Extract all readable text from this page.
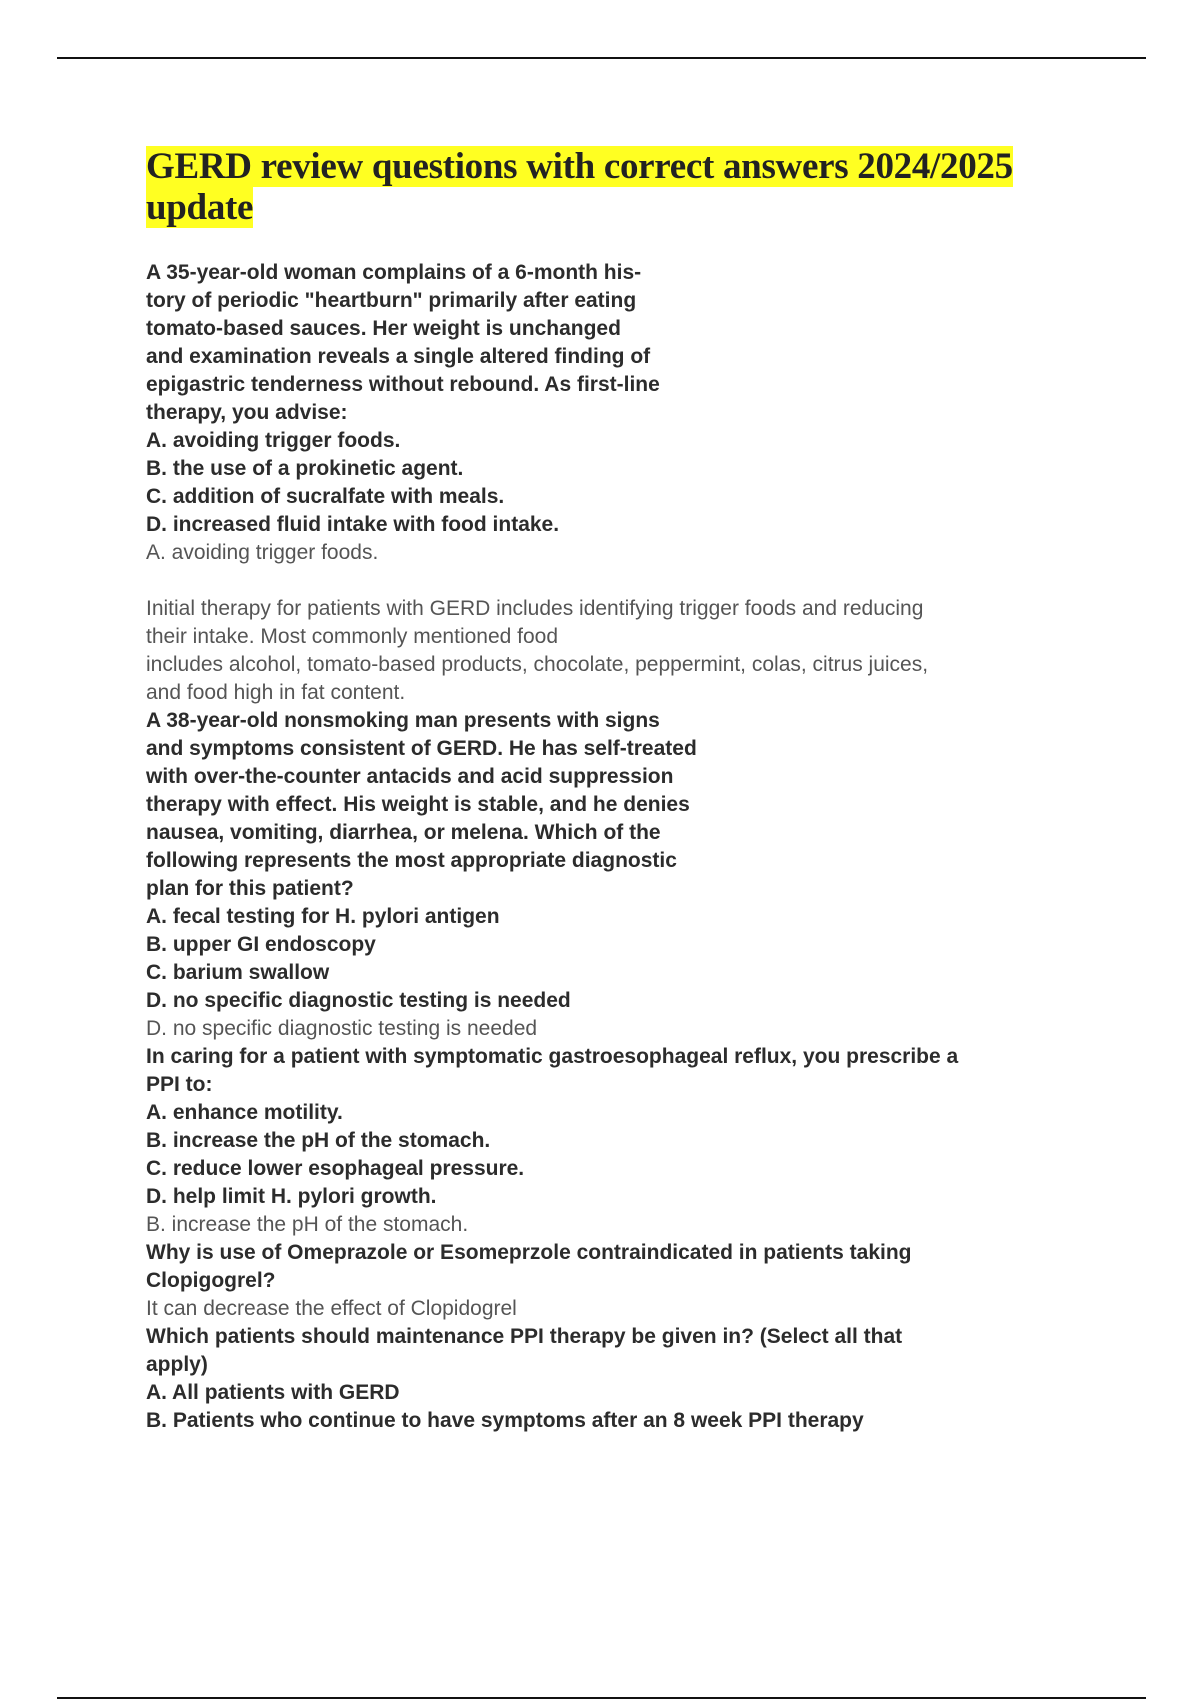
GERD review questions with correct answers 2024/2025
update
A 35-year-old woman complains of a 6-month his-
tory of periodic "heartburn" primarily after eating
tomato-based sauces. Her weight is unchanged
and examination reveals a single altered finding of
epigastric tenderness without rebound. As first-line
therapy, you advise:
A. avoiding trigger foods.
B. the use of a prokinetic agent.
C. addition of sucralfate with meals.
D. increased fluid intake with food intake.
A. avoiding trigger foods.
Initial therapy for patients with GERD includes identifying trigger foods and reducing
their intake. Most commonly mentioned food
includes alcohol, tomato-based products, chocolate, peppermint, colas, citrus juices,
and food high in fat content.
A 38-year-old nonsmoking man presents with signs
and symptoms consistent of GERD. He has self-treated
with over-the-counter antacids and acid suppression
therapy with effect. His weight is stable, and he denies
nausea, vomiting, diarrhea, or melena. Which of the
following represents the most appropriate diagnostic
plan for this patient?
A. fecal testing for H. pylori antigen
B. upper GI endoscopy
C. barium swallow
D. no specific diagnostic testing is needed
D. no specific diagnostic testing is needed
In caring for a patient with symptomatic gastroesophageal reflux, you prescribe a
PPI to:
A. enhance motility.
B. increase the pH of the stomach.
C. reduce lower esophageal pressure.
D. help limit H. pylori growth.
B. increase the pH of the stomach.
Why is use of Omeprazole or Esomeprzole contraindicated in patients taking
Clopigogrel?
It can decrease the effect of Clopidogrel
Which patients should maintenance PPI therapy be given in? (Select all that
apply)
A. All patients with GERD
B. Patients who continue to have symptoms after an 8 week PPI therapy
